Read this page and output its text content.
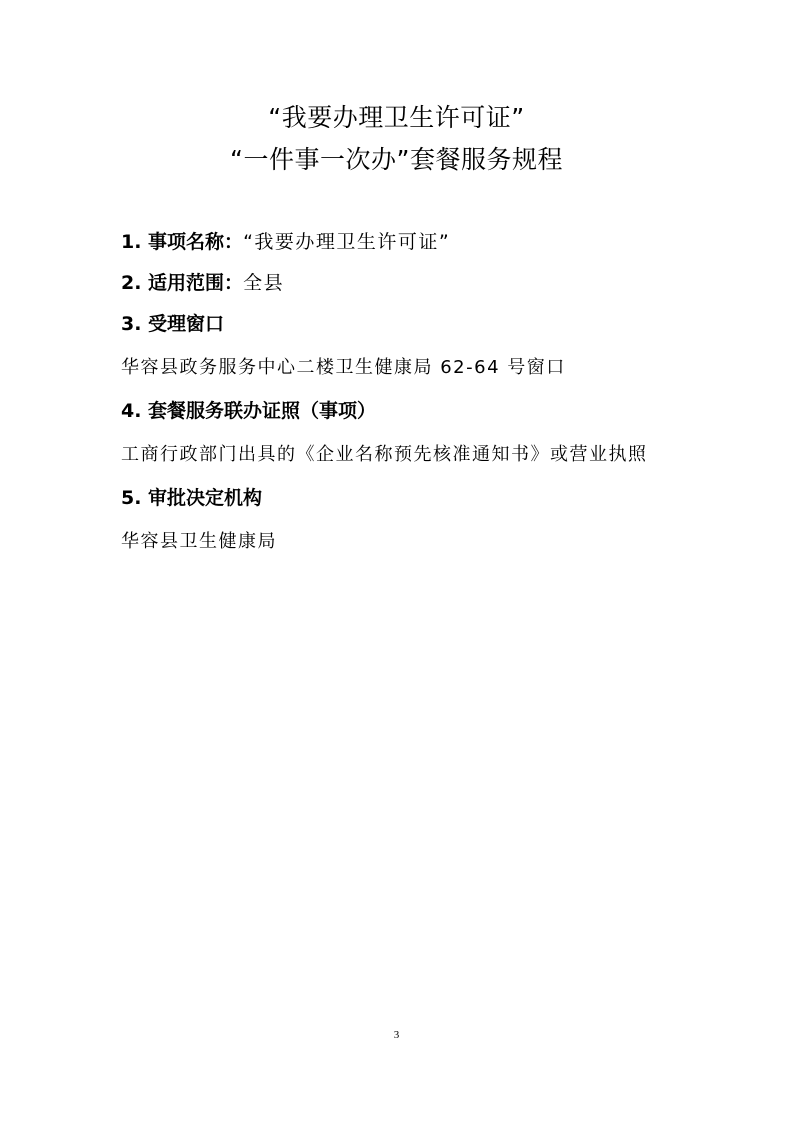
“我要办理卫生许可证”
“一件事一次办”套餐服务规程
1. 事项名称：“我要办理卫生许可证”
2. 适用范围：全县
3. 受理窗口
华容县政务服务中心二楼卫生健康局 62-64 号窗口
4. 套餐服务联办证照（事项）
工商行政部门出具的《企业名称预先核准通知书》或营业执照
5. 审批决定机构
华容县卫生健康局
3
